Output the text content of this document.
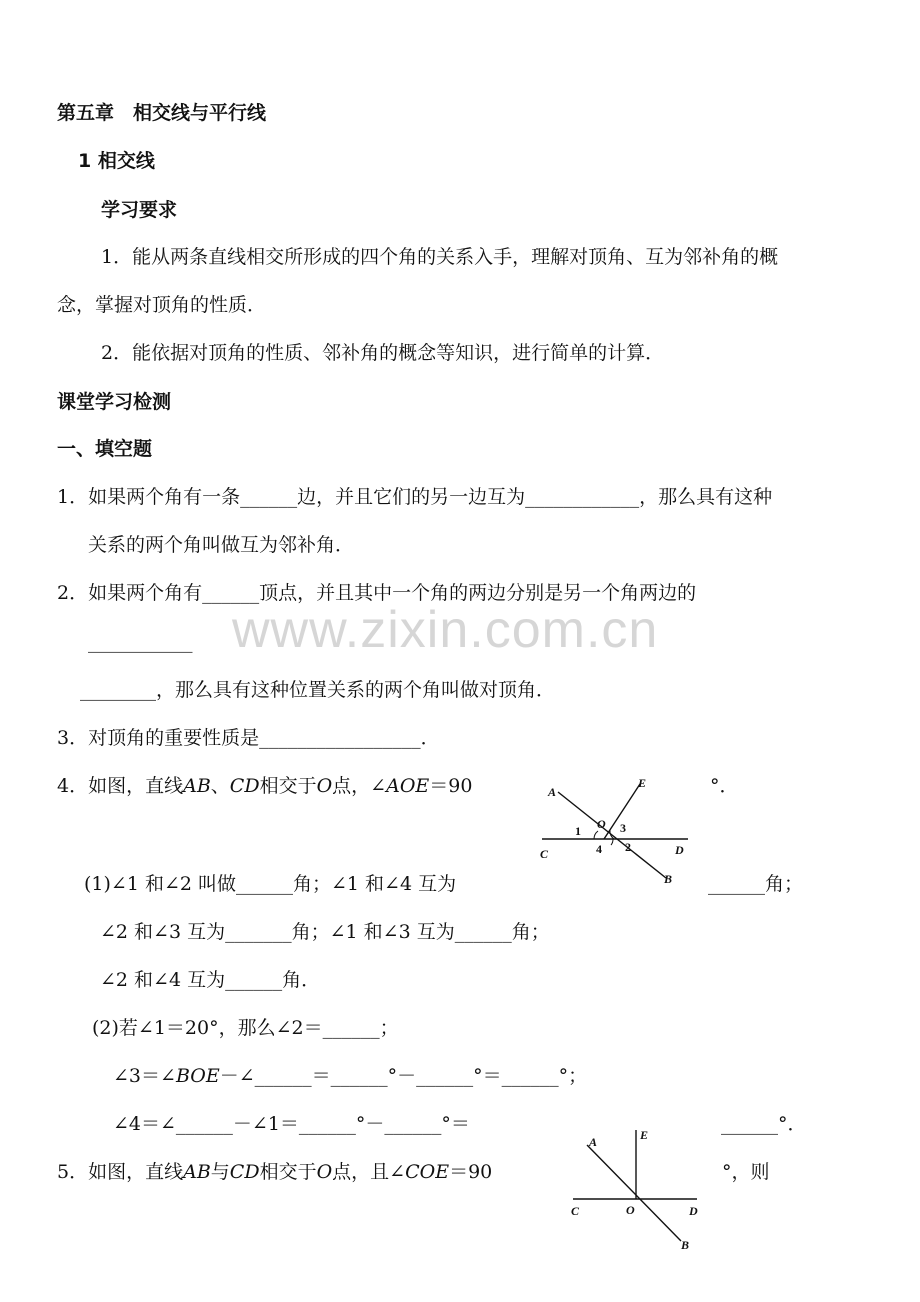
www.zixin.com.cn
第五章　相交线与平行线
1 相交线
学习要求
1．能从两条直线相交所形成的四个角的关系入手，理解对顶角、互为邻补角的概
念，掌握对顶角的性质．
2．能依据对顶角的性质、邻补角的概念等知识，进行简单的计算．
课堂学习检测
一、填空题
1．如果两个角有一条______边，并且它们的另一边互为____________，那么具有这种
关系的两个角叫做互为邻补角．
2．如果两个角有______顶点，并且其中一个角的两边分别是另一个角两边的
___________
________，那么具有这种位置关系的两个角叫做对顶角．
3．对顶角的重要性质是_________________．
4．如图，直线AB、CD相交于O点，∠AOE＝90	°．
A
E
O
C	D
B
1
2
3
4
(1)∠1 和∠2 叫做______角；∠1 和∠4 互为	______角；
∠2 和∠3 互为_______角；∠1 和∠3 互为______角；
∠2 和∠4 互为______角．
(2)若∠1＝20°，那么∠2＝______；
∠3＝∠BOE－∠______＝______°－______°＝______°；
∠4＝∠______－∠1＝______°－______°＝	______°．
5．如图，直线AB与CD相交于O点，且∠COE＝90	°，则
A	E
O
C	D
B
